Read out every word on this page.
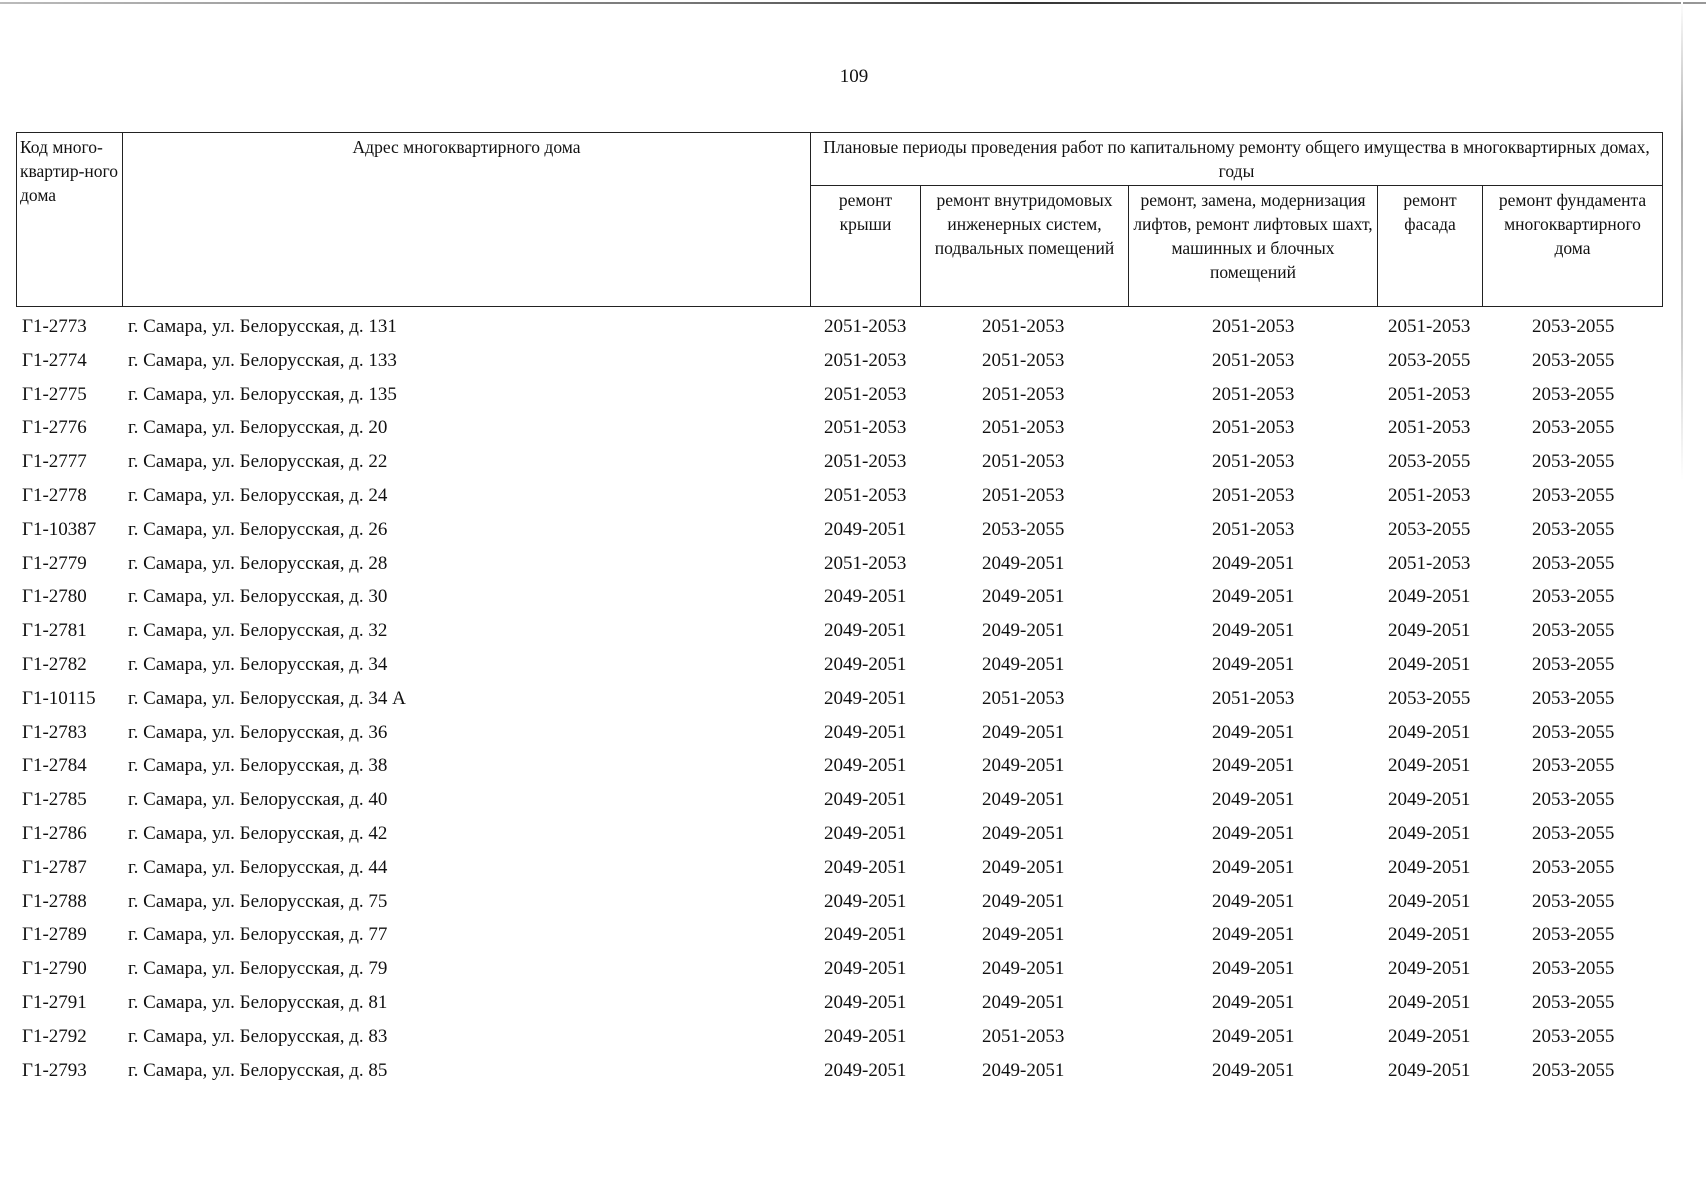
109
Код много-квартир-ного дома	Адрес многоквартирного дома	Плановые периоды проведения работ по капитальному ремонту общего имущества в многоквартирных домах, годы				
		ремонт крыши	ремонт внутридомовых инженерных систем, подвальных помещений	ремонт, замена, модернизация лифтов, ремонт лифтовых шахт, машинных и блочных помещений	ремонт фасада	ремонт фундамента многоквартирного дома
Г1-2773 г. Самара, ул. Белорусская, д. 131	2051-2053	2051-2053	2051-2053	2051-2053	2053-2055
Г1-2774 г. Самара, ул. Белорусская, д. 133	2051-2053	2051-2053	2051-2053	2053-2055	2053-2055
Г1-2775 г. Самара, ул. Белорусская, д. 135	2051-2053	2051-2053	2051-2053	2051-2053	2053-2055
Г1-2776 г. Самара, ул. Белорусская, д. 20	2051-2053	2051-2053	2051-2053	2051-2053	2053-2055
Г1-2777 г. Самара, ул. Белорусская, д. 22	2051-2053	2051-2053	2051-2053	2053-2055	2053-2055
Г1-2778 г. Самара, ул. Белорусская, д. 24	2051-2053	2051-2053	2051-2053	2051-2053	2053-2055
Г1-10387 г. Самара, ул. Белорусская, д. 26	2049-2051	2053-2055	2051-2053	2053-2055	2053-2055
Г1-2779 г. Самара, ул. Белорусская, д. 28	2051-2053	2049-2051	2049-2051	2051-2053	2053-2055
Г1-2780 г. Самара, ул. Белорусская, д. 30	2049-2051	2049-2051	2049-2051	2049-2051	2053-2055
Г1-2781 г. Самара, ул. Белорусская, д. 32	2049-2051	2049-2051	2049-2051	2049-2051	2053-2055
Г1-2782 г. Самара, ул. Белорусская, д. 34	2049-2051	2049-2051	2049-2051	2049-2051	2053-2055
Г1-10115 г. Самара, ул. Белорусская, д. 34 А	2049-2051	2051-2053	2051-2053	2053-2055	2053-2055
Г1-2783 г. Самара, ул. Белорусская, д. 36	2049-2051	2049-2051	2049-2051	2049-2051	2053-2055
Г1-2784 г. Самара, ул. Белорусская, д. 38	2049-2051	2049-2051	2049-2051	2049-2051	2053-2055
Г1-2785 г. Самара, ул. Белорусская, д. 40	2049-2051	2049-2051	2049-2051	2049-2051	2053-2055
Г1-2786 г. Самара, ул. Белорусская, д. 42	2049-2051	2049-2051	2049-2051	2049-2051	2053-2055
Г1-2787 г. Самара, ул. Белорусская, д. 44	2049-2051	2049-2051	2049-2051	2049-2051	2053-2055
Г1-2788 г. Самара, ул. Белорусская, д. 75	2049-2051	2049-2051	2049-2051	2049-2051	2053-2055
Г1-2789 г. Самара, ул. Белорусская, д. 77	2049-2051	2049-2051	2049-2051	2049-2051	2053-2055
Г1-2790 г. Самара, ул. Белорусская, д. 79	2049-2051	2049-2051	2049-2051	2049-2051	2053-2055
Г1-2791 г. Самара, ул. Белорусская, д. 81	2049-2051	2049-2051	2049-2051	2049-2051	2053-2055
Г1-2792 г. Самара, ул. Белорусская, д. 83	2049-2051	2051-2053	2049-2051	2049-2051	2053-2055
Г1-2793 г. Самара, ул. Белорусская, д. 85	2049-2051	2049-2051	2049-2051	2049-2051	2053-2055
